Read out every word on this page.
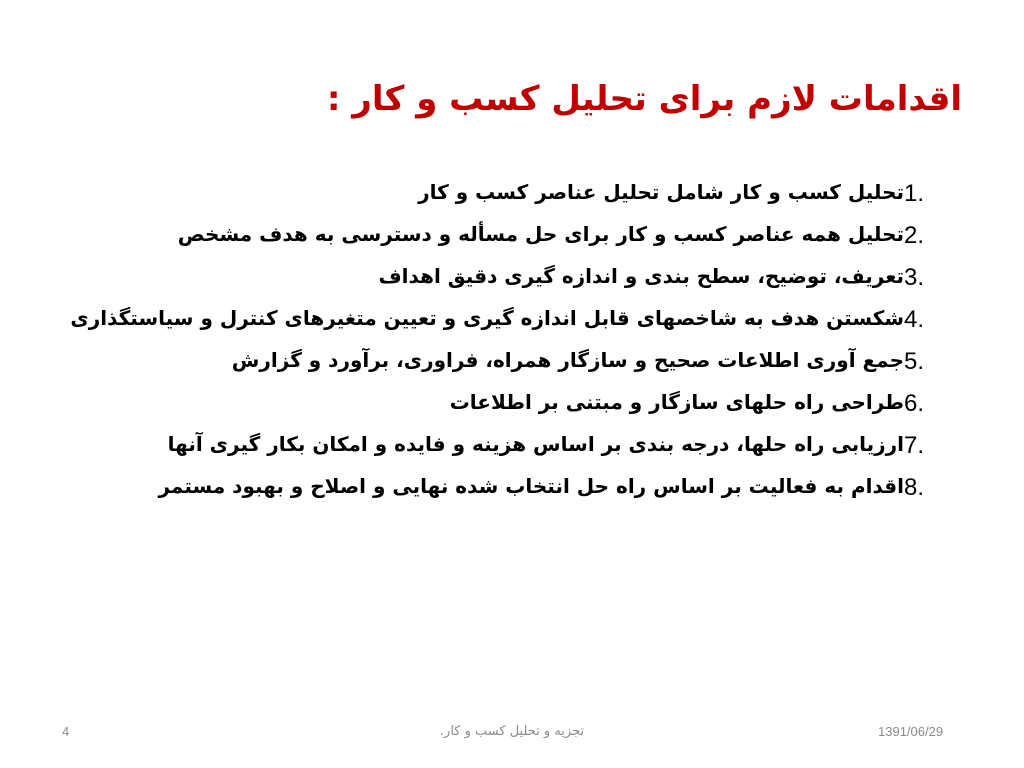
اقدامات لازم برای تحلیل کسب و کار :
1.
تحلیل کسب و کار شامل تحلیل عناصر کسب و کار
2.
تحلیل همه عناصر کسب و کار برای حل مسأله و دسترسی به هدف مشخص
3.
تعریف، توضیح، سطح بندی و اندازه گیری دقیق اهداف
4.
شکستن هدف به شاخصهای قابل اندازه گیری و تعیین متغیرهای کنترل و سیاستگذاری
5.
جمع آوری اطلاعات صحیح و سازگار همراه، فراوری، برآورد و گزارش
6.
طراحی راه حلهای سازگار و مبتنی بر اطلاعات
7.
ارزیابی راه حلها، درجه بندی بر اساس هزینه و فایده و امکان بکار گیری آنها
8.
اقدام به فعالیت بر اساس راه حل انتخاب شده نهایی و اصلاح و بهبود مستمر
1391/06/29
تجزیه و تحلیل کسب و کار.
4
